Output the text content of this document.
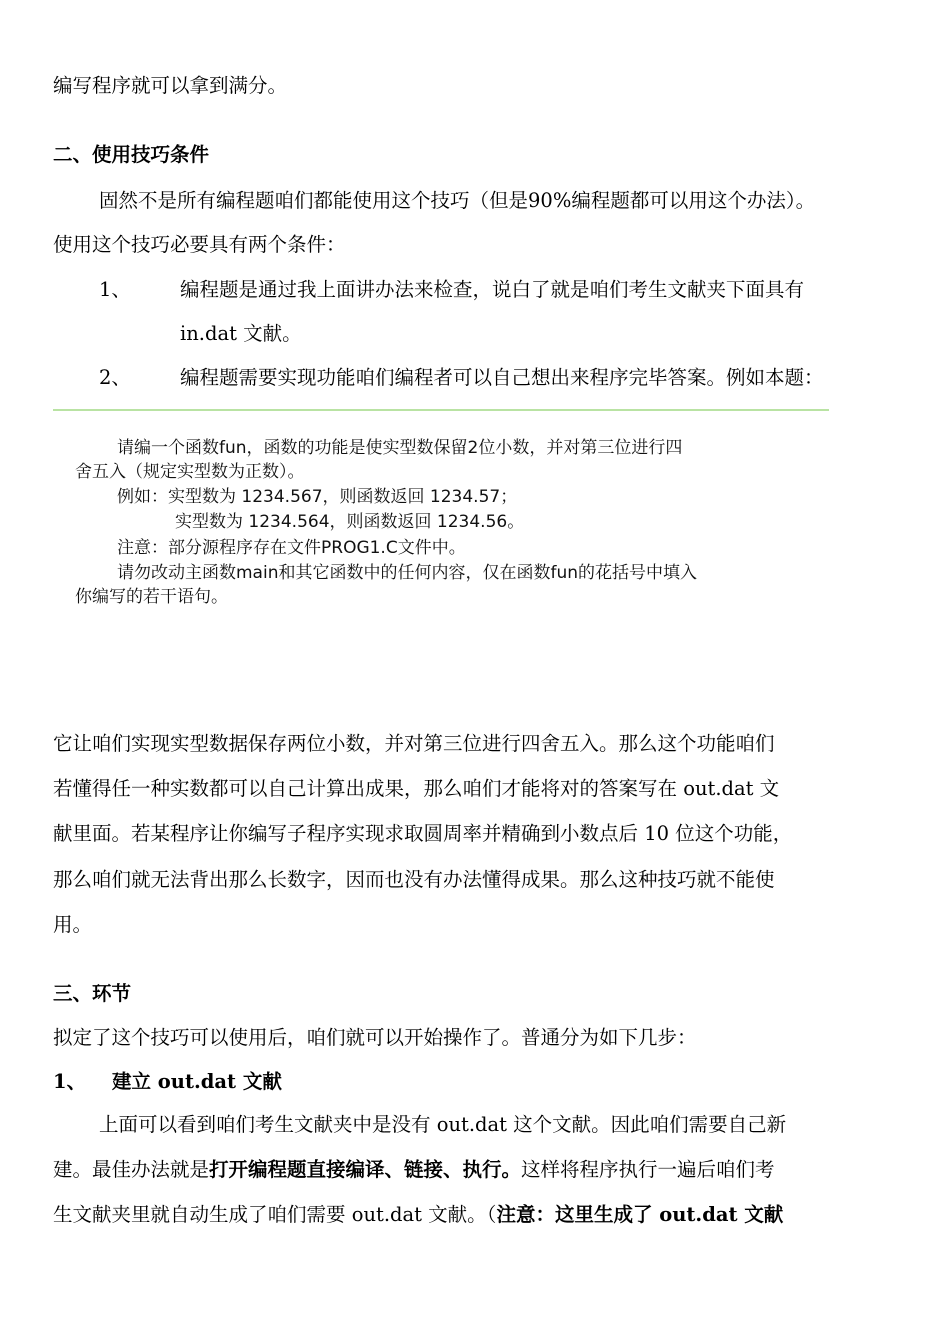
编写程序就可以拿到满分。
二、使用技巧条件
固然不是所有编程题咱们都能使用这个技巧（但是90%编程题都可以用这个办法）。
使用这个技巧必要具有两个条件：
1、	编程题是通过我上面讲办法来检查，说白了就是咱们考生文献夹下面具有
in.dat 文献。
2、	编程题需要实现功能咱们编程者可以自己想出来程序完毕答案。例如本题：
请编一个函数fun，函数的功能是使实型数保留2位小数，并对第三位进行四
舍五入（规定实型数为正数）。
例如：实型数为 1234.567，则函数返回 1234.57；
实型数为 1234.564，则函数返回 1234.56。
注意：部分源程序存在文件PROG1.C文件中。
请勿改动主函数main和其它函数中的任何内容，仅在函数fun的花括号中填入
你编写的若干语句。
它让咱们实现实型数据保存两位小数，并对第三位进行四舍五入。那么这个功能咱们
若懂得任一种实数都可以自己计算出成果，那么咱们才能将对的答案写在 out.dat 文
献里面。若某程序让你编写子程序实现求取圆周率并精确到小数点后 10 位这个功能，
那么咱们就无法背出那么长数字，因而也没有办法懂得成果。那么这种技巧就不能使
用。
三、环节
拟定了这个技巧可以使用后，咱们就可以开始操作了。普通分为如下几步：
1、 建立 out.dat 文献
上面可以看到咱们考生文献夹中是没有 out.dat 这个文献。因此咱们需要自己新
建。最佳办法就是打开编程题直接编译、链接、执行。这样将程序执行一遍后咱们考
生文献夹里就自动生成了咱们需要 out.dat 文献。（注意：这里生成了 out.dat 文献
